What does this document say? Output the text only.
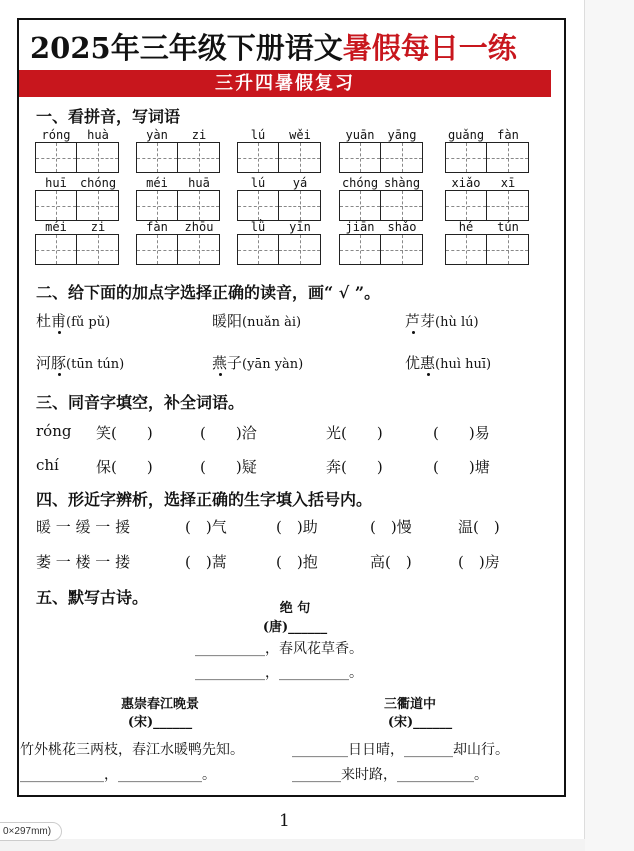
2025年三年级下册语文暑假每日一练
三升四暑假复习
一、看拼音，写词语
róng	huà	yàn	zi	lú	wěi	yuān	yāng	guǎng	fàn
huī	chóng	méi	huā	lú	yá	chóng shàng	xiǎo	xī
méi	zi	fàn	zhōu	lǜ	yīn	jiān	shǎo	hé	tún
二、给下面的加点字选择正确的读音，画“ √ ”。
杜甫(fǔ pǔ)	暖阳(nuǎn ài)	芦芽(hù lú)
河豚(tūn tún)	燕子(yān yàn)	优惠(huì huī)
三、同音字填空，补全词语。
róng 笑(　　)	(　　)洽	光(　　)	(　　)易
chí 保(　　)	(　　)疑	奔(　　)	(　　)塘
四、形近字辨析，选择正确的生字填入括号内。
暖 一 缓 一 援	(　)气	(　)助	(　)慢	温(　)
萎 一 楼 一 搂	(　)蒿	(　)抱	高(　)	(　)房
五、默写古诗。
绝 句
(唐)______
__________，春风花草香。
__________，__________。
惠崇春江晚景
(宋)______
三衢道中
(宋)______
竹外桃花三两枝，春江水暖鸭先知。	________日日晴，_______却山行。
____________，____________。	_______来时路，___________。
1
0×297mm)
